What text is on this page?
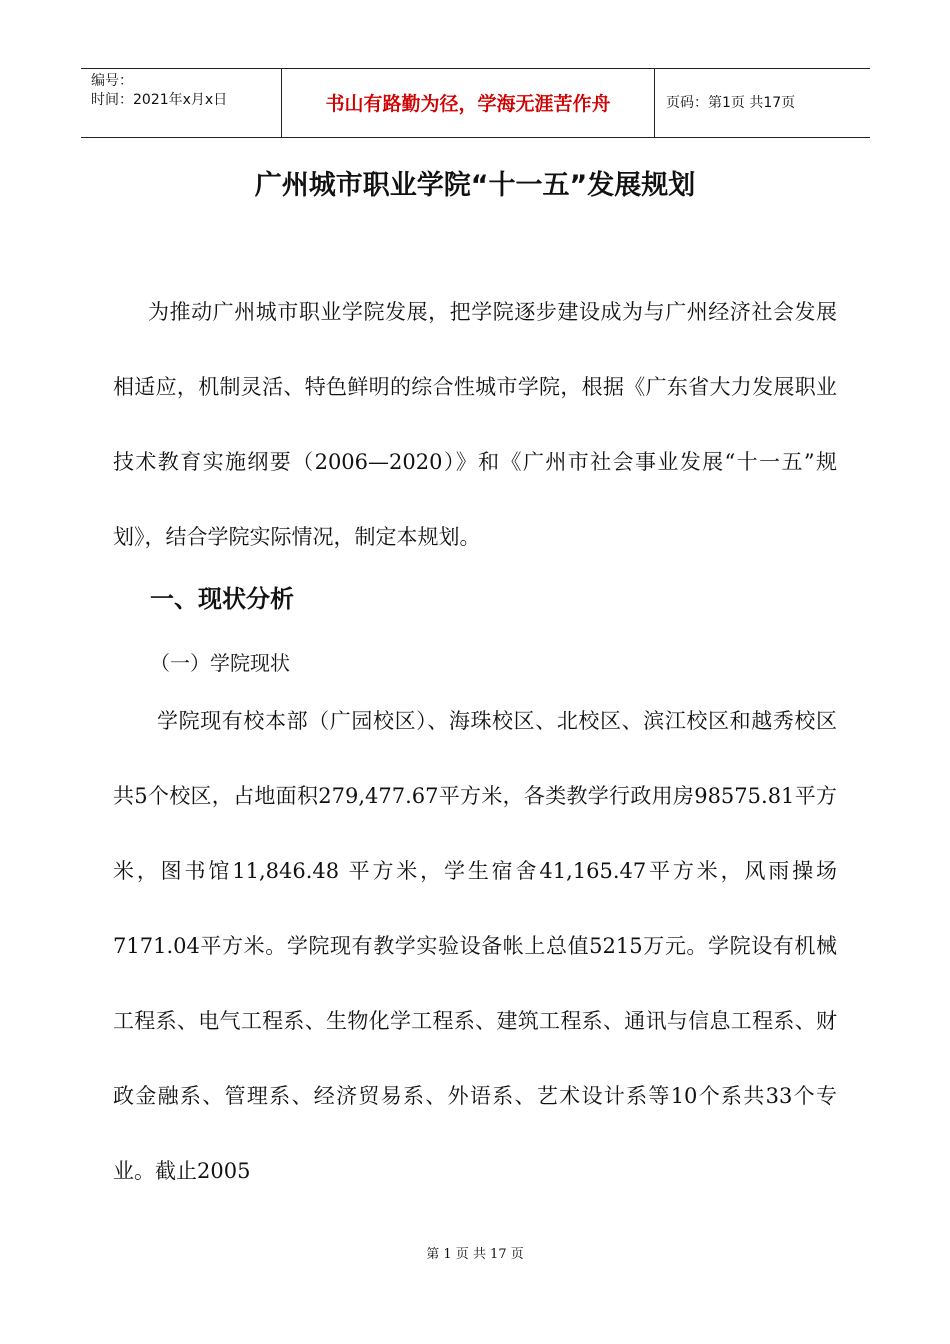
编号：
时间：2021年x月x日	书山有路勤为径，学海无涯苦作舟	页码：第1页 共17页
广州城市职业学院“十一五”发展规划

为推动广州城市职业学院发展，把学院逐步建设成为与广州经济社会发展相适应，机制灵活、特色鲜明的综合性城市学院，根据《广东省大力发展职业技术教育实施纲要（2006—2020）》和《广州市社会事业发展“十一五”规划》，结合学院实际情况，制定本规划。

一、现状分析
（一）学院现状

学院现有校本部（广园校区）、海珠校区、北校区、滨江校区和越秀校区共5个校区，占地面积279,477.67平方米，各类教学行政用房98575.81平方米，图书馆11,846.48 平方米，学生宿舍41,165.47平方米，风雨操场7171.04平方米。学院现有教学实验设备帐上总值5215万元。学院设有机械工程系、电气工程系、生物化学工程系、建筑工程系、通讯与信息工程系、财政金融系、管理系、经济贸易系、外语系、艺术设计系等10个系共33个专业。截止2005

第 1 页 共 17 页
